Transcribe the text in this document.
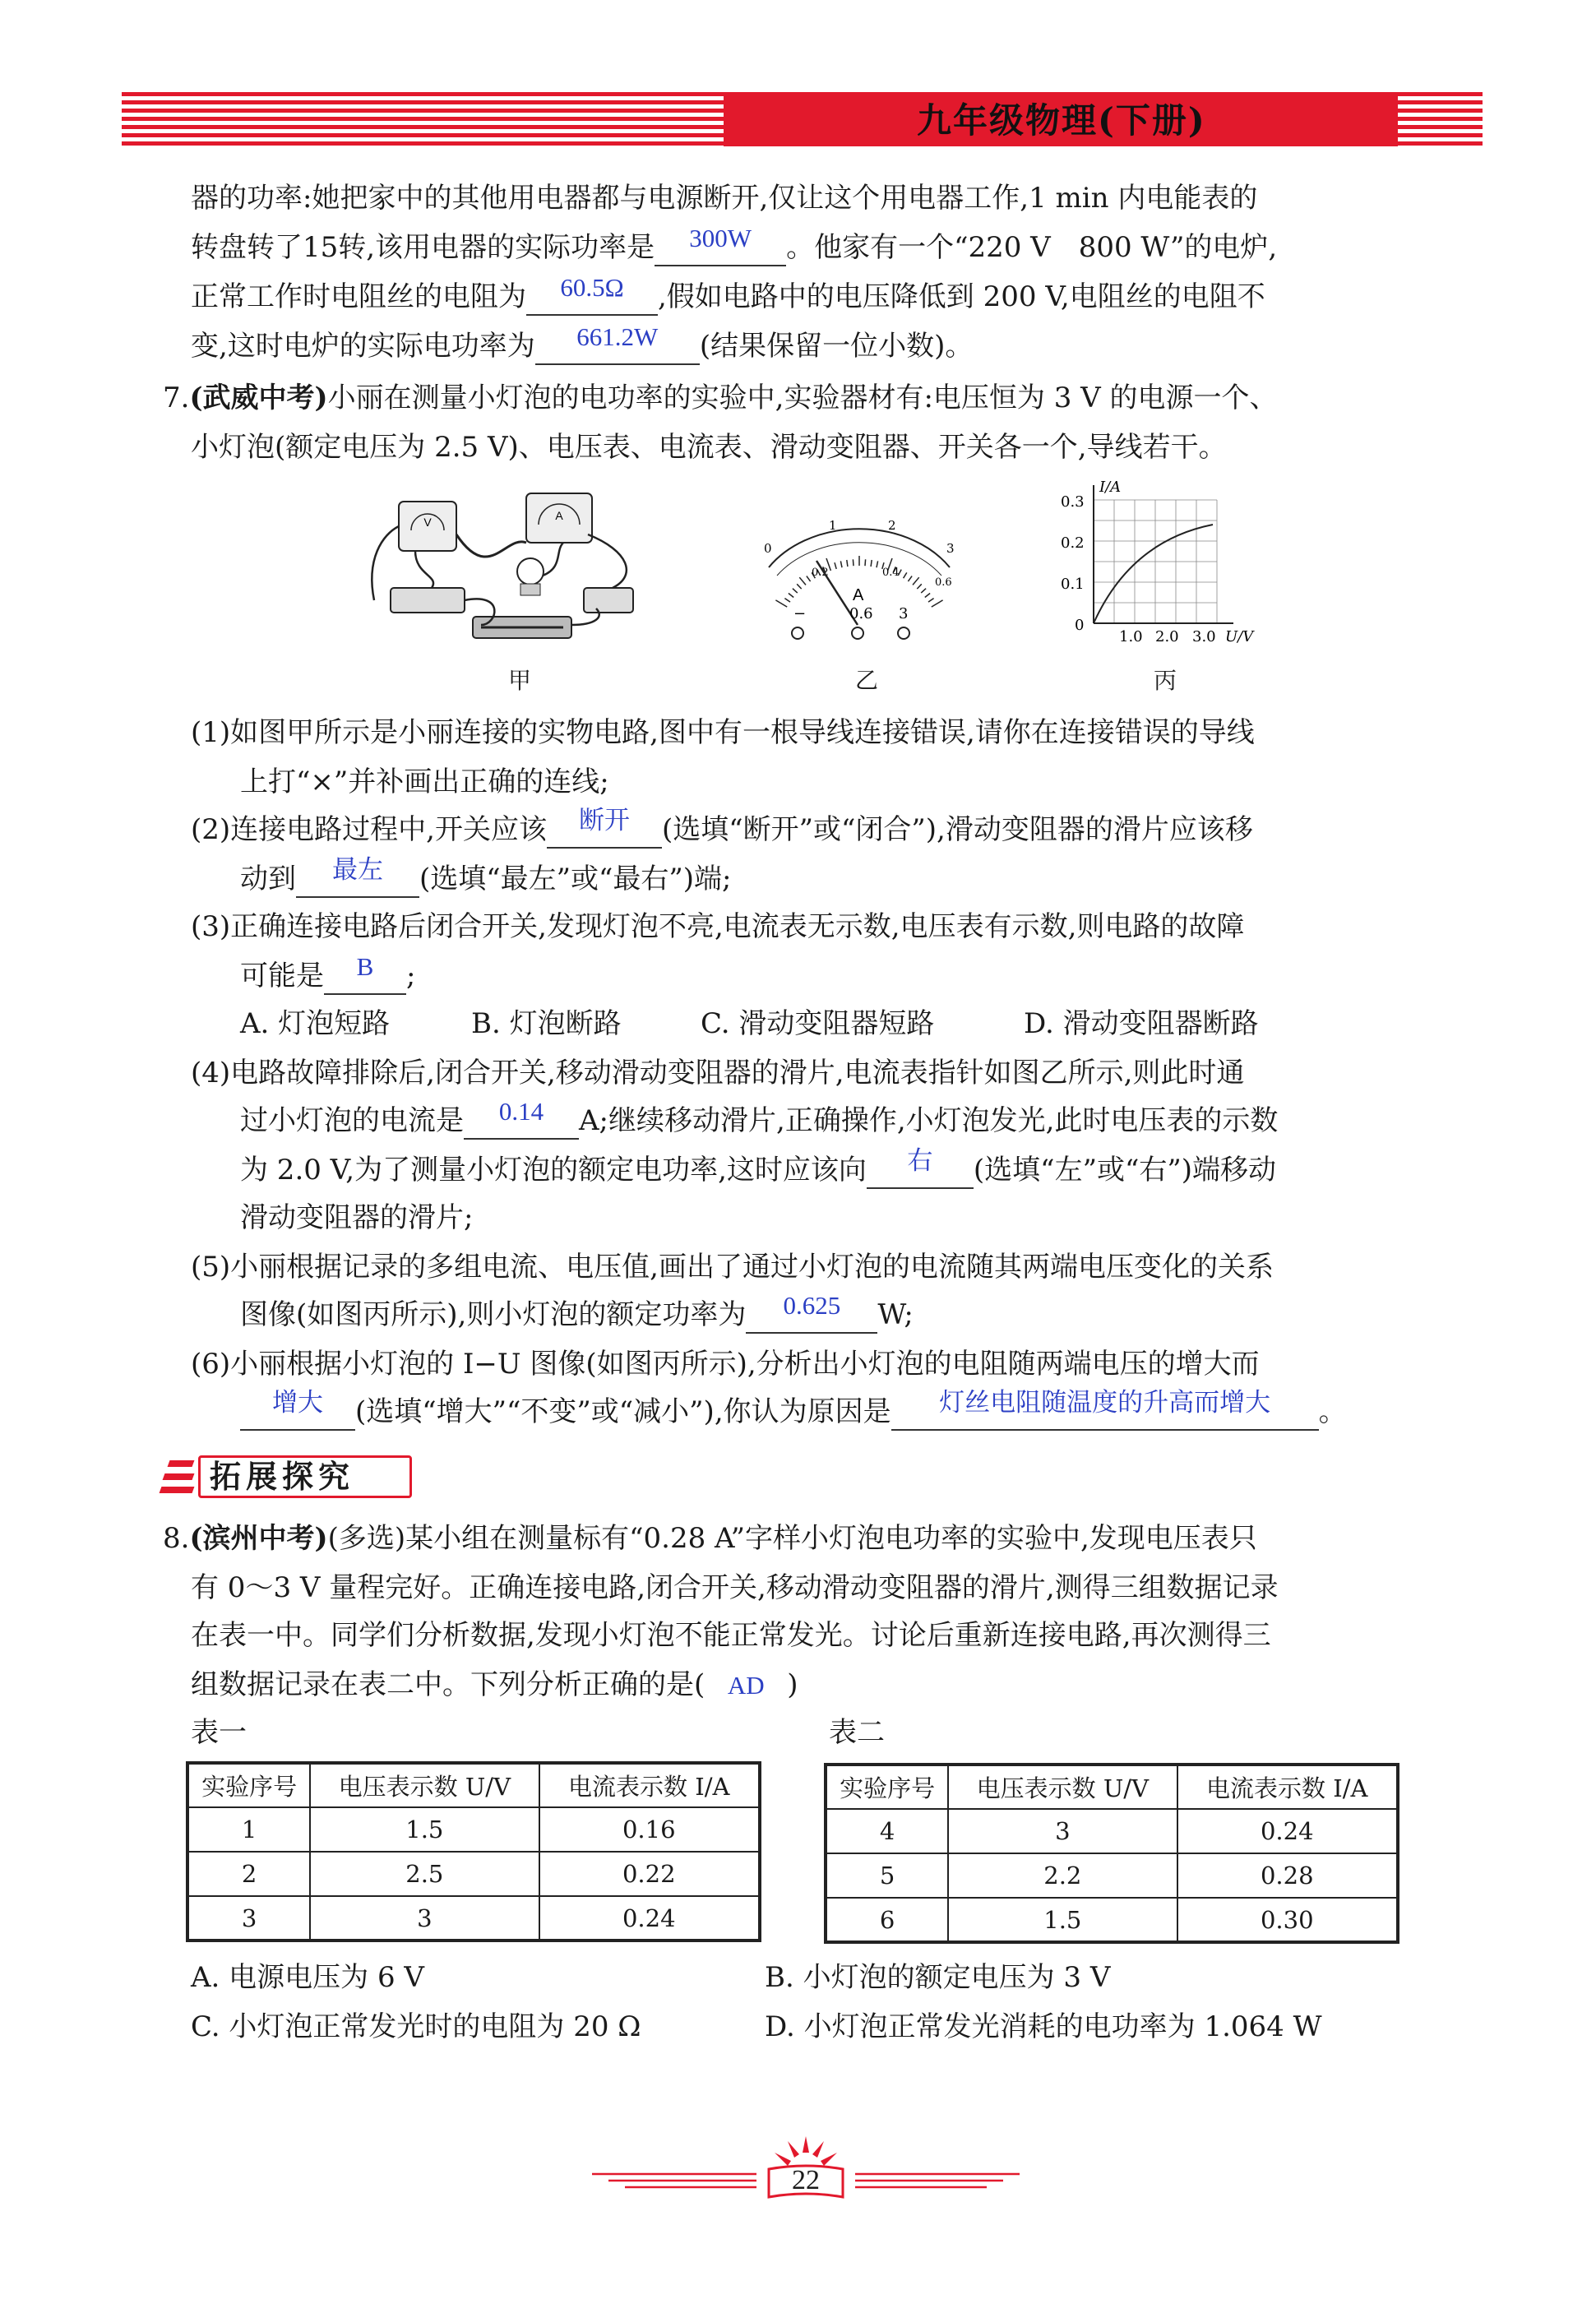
九年级物理(下册)
器的功率:她把家中的其他用电器都与电源断开,仅让这个用电器工作,1 min 内电能表的
转盘转了15转,该用电器的实际功率是 300W 。他家有一个“220 V　800 W”的电炉,
正常工作时电阻丝的电阻为 60.5Ω ,假如电路中的电压降低到 200 V,电阻丝的电阻不
变,这时电炉的实际电功率为 661.2W (结果保留一位小数)。
7.(武威中考)小丽在测量小灯泡的电功率的实验中,实验器材有:电压恒为 3 V 的电源一个、
小灯泡(额定电压为 2.5 V)、电压表、电流表、滑动变阻器、开关各一个,导线若干。
V	A
甲
0
1	2
3
0.2	0.4
0.6
A
−	0.6 3
乙
I/A
0.3
0.2
0.1
0
1.0 2.0 3.0 U/V
丙
(1)如图甲所示是小丽连接的实物电路,图中有一根导线连接错误,请你在连接错误的导线
上打“×”并补画出正确的连线;
(2)连接电路过程中,开关应该 断开 (选填“断开”或“闭合”),滑动变阻器的滑片应该移
动到 最左 (选填“最左”或“最右”)端;
(3)正确连接电路后闭合开关,发现灯泡不亮,电流表无示数,电压表有示数,则电路的故障
可能是 B ;
A. 灯泡短路	B. 灯泡断路	C. 滑动变阻器短路	D. 滑动变阻器断路
(4)电路故障排除后,闭合开关,移动滑动变阻器的滑片,电流表指针如图乙所示,则此时通
过小灯泡的电流是 0.14 A;继续移动滑片,正确操作,小灯泡发光,此时电压表的示数
为 2.0 V,为了测量小灯泡的额定电功率,这时应该向 右 (选填“左”或“右”)端移动
滑动变阻器的滑片;
(5)小丽根据记录的多组电流、电压值,画出了通过小灯泡的电流随其两端电压变化的关系
图像(如图丙所示),则小灯泡的额定功率为 0.625 W;
(6)小丽根据小灯泡的 I−U 图像(如图丙所示),分析出小灯泡的电阻随两端电压的增大而
增大 (选填“增大”“不变”或“减小”),你认为原因是 灯丝电阻随温度的升高而增大 。
拓展探究
8.(滨州中考)(多选)某小组在测量标有“0.28 A”字样小灯泡电功率的实验中,发现电压表只
有 0～3 V 量程完好。正确连接电路,闭合开关,移动滑动变阻器的滑片,测得三组数据记录
在表一中。同学们分析数据,发现小灯泡不能正常发光。讨论后重新连接电路,再次测得三
组数据记录在表二中。下列分析正确的是( AD )
表一	表二
实验序号	电压表示数 U/V	电流表示数 I/A
1	1.5	0.16
2	2.5	0.22
3	3	0.24
实验序号	电压表示数 U/V	电流表示数 I/A
4	3	0.24
5	2.2	0.28
6	1.5	0.30
A. 电源电压为 6 V	B. 小灯泡的额定电压为 3 V
C. 小灯泡正常发光时的电阻为 20 Ω	D. 小灯泡正常发光消耗的电功率为 1.064 W
22
